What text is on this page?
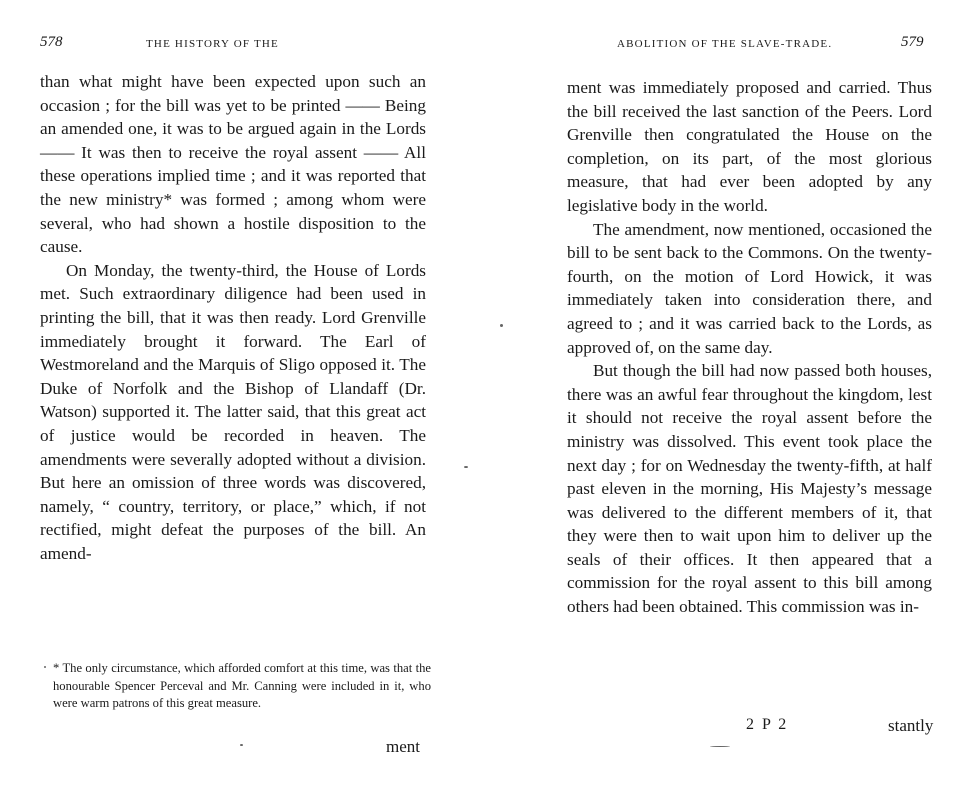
578	THE HISTORY OF THE

than what might have been expected upon such an occasion ; for the bill was yet to be printed —— Being an amended one, it was to be argued again in the Lords —— It was then to receive the royal assent —— All these operations implied time ; and it was reported that the new ministry* was formed ; among whom were several, who had shown a hostile disposition to the cause.

On Monday, the twenty-third, the House of Lords met. Such extraordinary diligence had been used in printing the bill, that it was then ready. Lord Grenville immediately brought it forward. The Earl of Westmoreland and the Marquis of Sligo opposed it. The Duke of Norfolk and the Bishop of Llandaff (Dr. Watson) supported it. The latter said, that this great act of justice would be recorded in heaven. The amendments were severally adopted without a division. But here an omission of three words was discovered, namely, “ country, territory, or place,” which, if not rectified, might defeat the purposes of the bill. An amend-

* The only circumstance, which afforded comfort at this time, was that the honourable Spencer Perceval and Mr. Canning were included in it, who were warm patrons of this great measure.
ment
ABOLITION OF THE SLAVE-TRADE.	579

ment was immediately proposed and carried. Thus the bill received the last sanction of the Peers. Lord Grenville then congratulated the House on the completion, on its part, of the most glorious measure, that had ever been adopted by any legislative body in the world.

The amendment, now mentioned, occasioned the bill to be sent back to the Commons. On the twenty-fourth, on the motion of Lord Howick, it was immediately taken into consideration there, and agreed to ; and it was carried back to the Lords, as approved of, on the same day.

But though the bill had now passed both houses, there was an awful fear throughout the kingdom, lest it should not receive the royal assent before the ministry was dissolved. This event took place the next day ; for on Wednesday the twenty-fifth, at half past eleven in the morning, His Majesty’s message was delivered to the different members of it, that they were then to wait upon him to deliver up the seals of their offices. It then appeared that a commission for the royal assent to this bill among others had been obtained. This commission was in-

2 P 2	stantly
